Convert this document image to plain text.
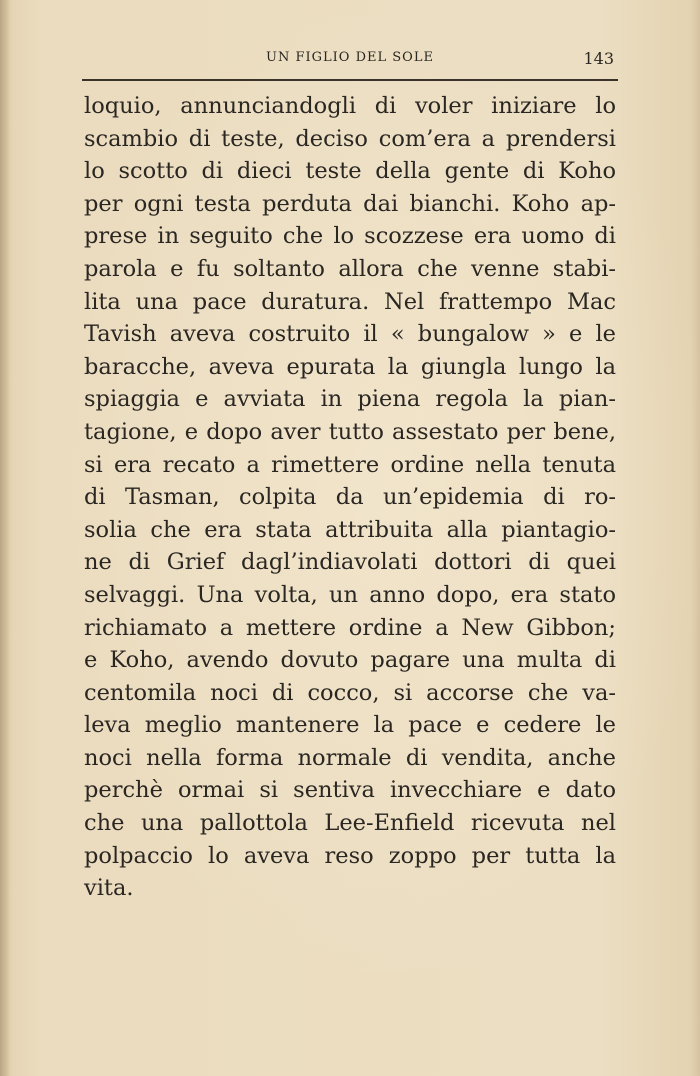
UN FIGLIO DEL SOLE	143
loquio, annunciandogli di voler iniziare lo
scambio di teste, deciso com’era a prendersi
lo scotto di dieci teste della gente di Koho
per ogni testa perduta dai bianchi. Koho ap-
prese in seguito che lo scozzese era uomo di
parola e fu soltanto allora che venne stabi-
lita una pace duratura. Nel frattempo Mac
Tavish aveva costruito il « bungalow » e le
baracche, aveva epurata la giungla lungo la
spiaggia e avviata in piena regola la pian-
tagione, e dopo aver tutto assestato per bene,
si era recato a rimettere ordine nella tenuta
di Tasman, colpita da un’epidemia di ro-
solia che era stata attribuita alla piantagio-
ne di Grief dagl’indiavolati dottori di quei
selvaggi. Una volta, un anno dopo, era stato
richiamato a mettere ordine a New Gibbon;
e Koho, avendo dovuto pagare una multa di
centomila noci di cocco, si accorse che va-
leva meglio mantenere la pace e cedere le
noci nella forma normale di vendita, anche
perchè ormai si sentiva invecchiare e dato
che una pallottola Lee-Enfield ricevuta nel
polpaccio lo aveva reso zoppo per tutta la
vita.
